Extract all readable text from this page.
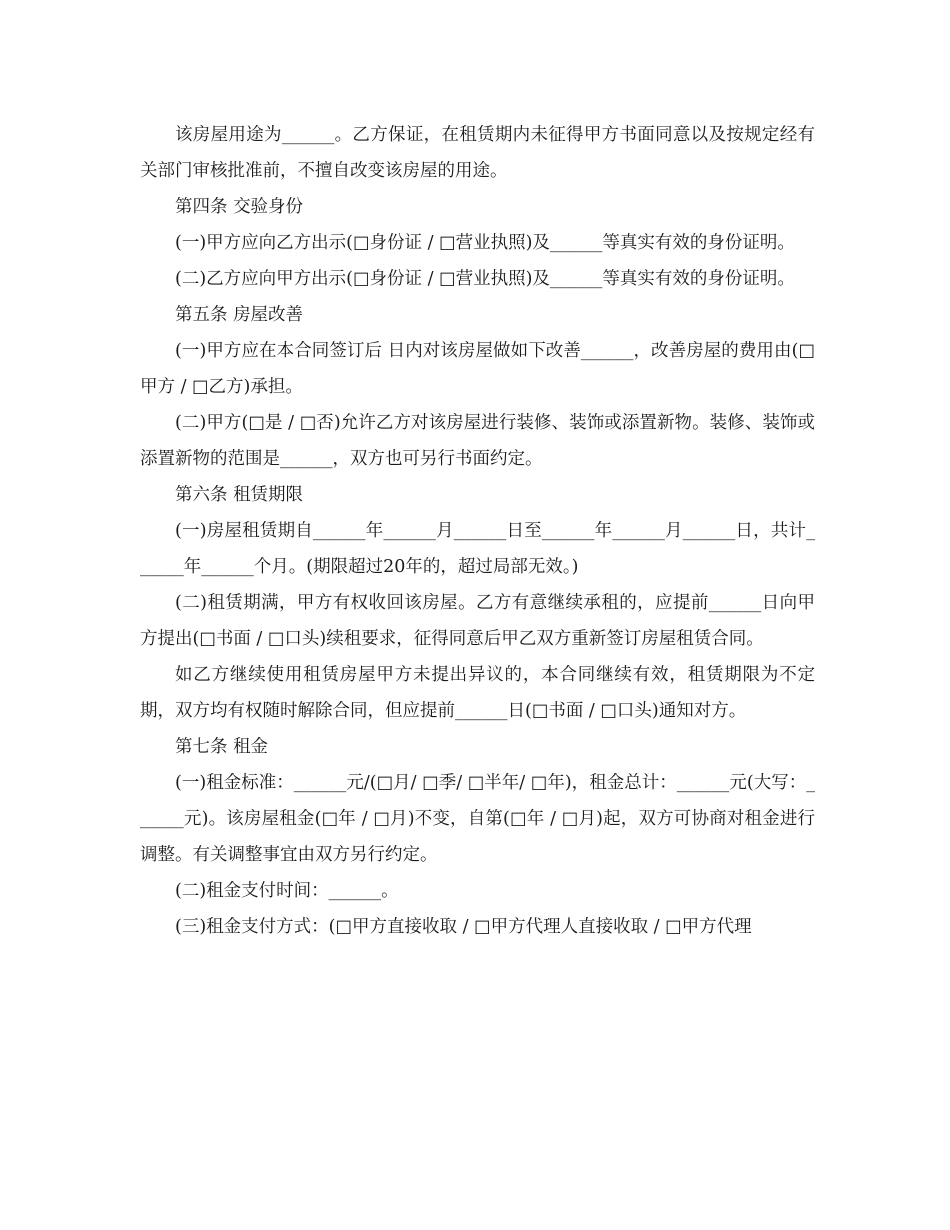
该房屋用途为______。乙方保证，在租赁期内未征得甲方书面同意以及按规定经有关部门审核批准前，不擅自改变该房屋的用途。

第四条 交验身份

(一)甲方应向乙方出示(□身份证 / □营业执照)及______等真实有效的身份证明。

(二)乙方应向甲方出示(□身份证 / □营业执照)及______等真实有效的身份证明。

第五条 房屋改善

(一)甲方应在本合同签订后 日内对该房屋做如下改善______，改善房屋的费用由(□甲方 / □乙方)承担。

(二)甲方(□是 / □否)允许乙方对该房屋进行装修、装饰或添置新物。装修、装饰或添置新物的范围是______，双方也可另行书面约定。

第六条 租赁期限

(一)房屋租赁期自______年______月______日至______年______月______日，共计______年______个月。(期限超过20年的，超过局部无效。)

(二)租赁期满，甲方有权收回该房屋。乙方有意继续承租的，应提前______日向甲方提出(□书面 / □口头)续租要求，征得同意后甲乙双方重新签订房屋租赁合同。

如乙方继续使用租赁房屋甲方未提出异议的，本合同继续有效，租赁期限为不定期，双方均有权随时解除合同，但应提前______日(□书面 / □口头)通知对方。

第七条 租金

(一)租金标准：______元/(□月/ □季/ □半年/ □年)，租金总计：______元(大写：______元)。该房屋租金(□年 / □月)不变，自第(□年 / □月)起，双方可协商对租金进行调整。有关调整事宜由双方另行约定。

(二)租金支付时间：______。

(三)租金支付方式：(□甲方直接收取 / □甲方代理人直接收取 / □甲方代理
